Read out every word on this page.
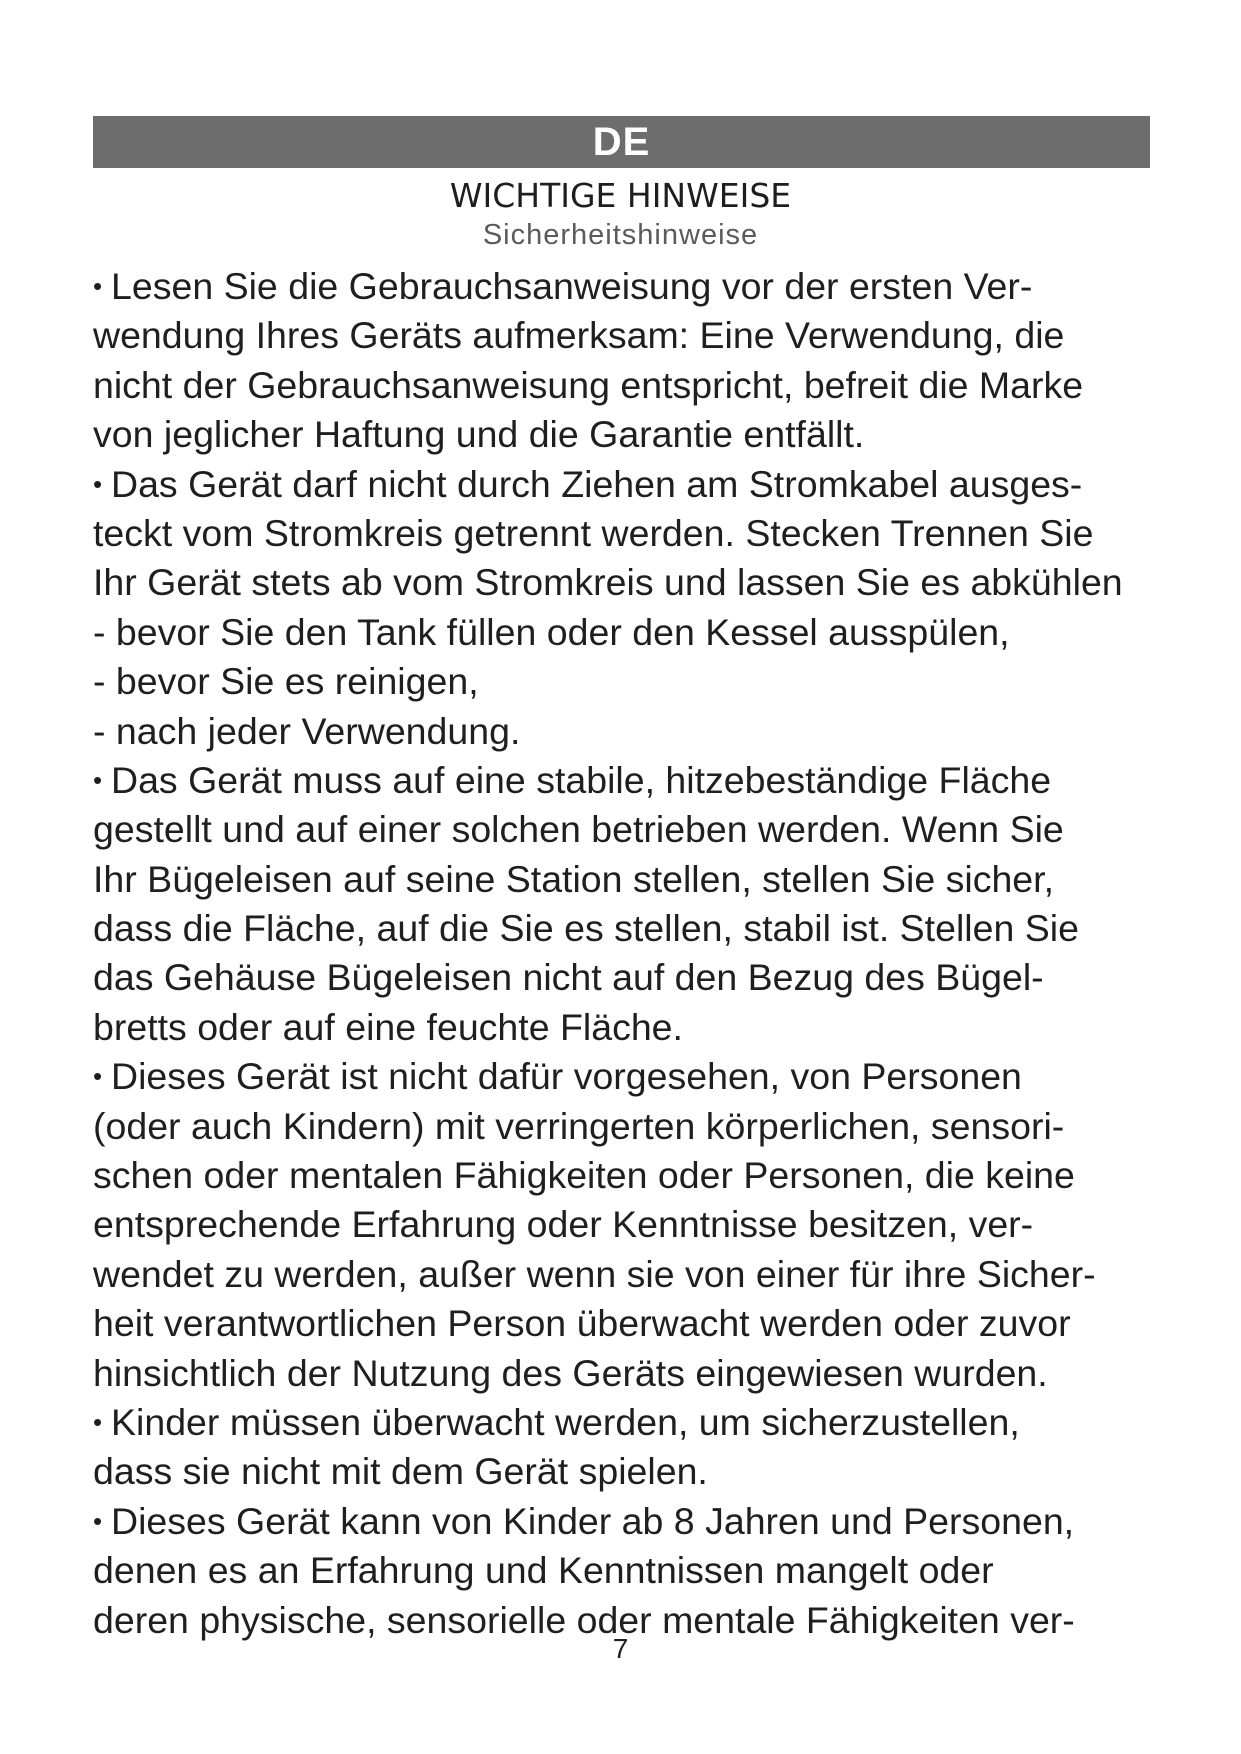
DE
WICHTIGE HINWEISE
Sicherheitshinweise
• Lesen Sie die Gebrauchsanweisung vor der ersten Ver-
wendung Ihres Geräts aufmerksam: Eine Verwendung, die
nicht der Gebrauchsanweisung entspricht, befreit die Marke
von jeglicher Haftung und die Garantie entfällt.
• Das Gerät darf nicht durch Ziehen am Stromkabel ausges-
teckt vom Stromkreis getrennt werden. Stecken Trennen Sie
Ihr Gerät stets ab vom Stromkreis und lassen Sie es abkühlen
- bevor Sie den Tank füllen oder den Kessel ausspülen,
- bevor Sie es reinigen,
- nach jeder Verwendung.
• Das Gerät muss auf eine stabile, hitzebeständige Fläche
gestellt und auf einer solchen betrieben werden. Wenn Sie
Ihr Bügeleisen auf seine Station stellen, stellen Sie sicher,
dass die Fläche, auf die Sie es stellen, stabil ist. Stellen Sie
das Gehäuse Bügeleisen nicht auf den Bezug des Bügel-
bretts oder auf eine feuchte Fläche.
• Dieses Gerät ist nicht dafür vorgesehen, von Personen
(oder auch Kindern) mit verringerten körperlichen, sensori-
schen oder mentalen Fähigkeiten oder Personen, die keine
entsprechende Erfahrung oder Kenntnisse besitzen, ver-
wendet zu werden, außer wenn sie von einer für ihre Sicher-
heit verantwortlichen Person überwacht werden oder zuvor
hinsichtlich der Nutzung des Geräts eingewiesen wurden.
• Kinder müssen überwacht werden, um sicherzustellen,
dass sie nicht mit dem Gerät spielen.
• Dieses Gerät kann von Kinder ab 8 Jahren und Personen,
denen es an Erfahrung und Kenntnissen mangelt oder
deren physische, sensorielle oder mentale Fähigkeiten ver-
7
